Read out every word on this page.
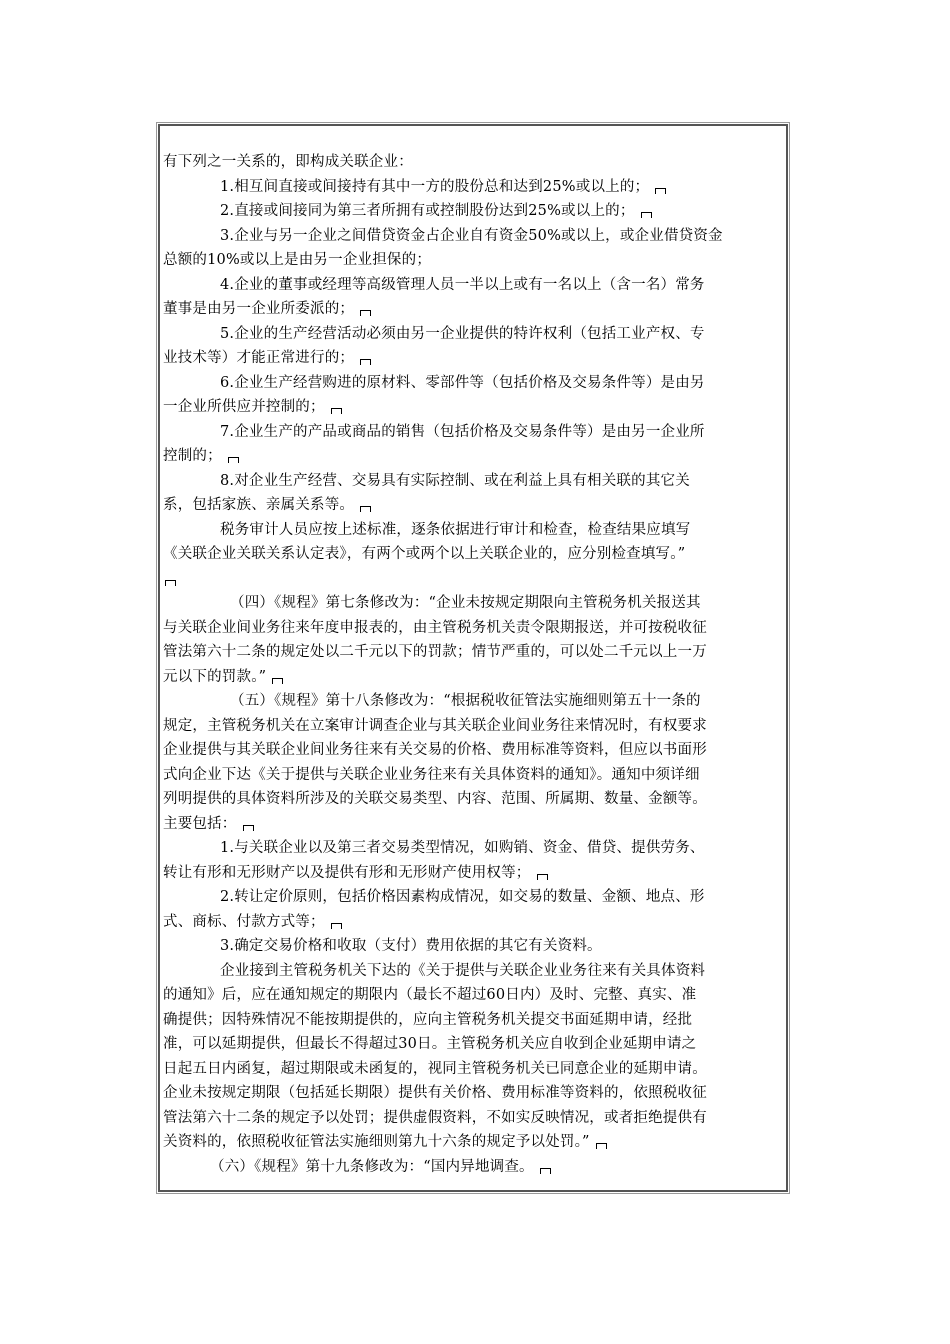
有下列之一关系的，即构成关联企业：
1.相互间直接或间接持有其中一方的股份总和达到25%或以上的；
2.直接或间接同为第三者所拥有或控制股份达到25%或以上的；
3.企业与另一企业之间借贷资金占企业自有资金50%或以上，或企业借贷资金
总额的10%或以上是由另一企业担保的；
4.企业的董事或经理等高级管理人员一半以上或有一名以上（含一名）常务
董事是由另一企业所委派的；
5.企业的生产经营活动必须由另一企业提供的特许权利（包括工业产权、专
业技术等）才能正常进行的；
6.企业生产经营购进的原材料、零部件等（包括价格及交易条件等）是由另
一企业所供应并控制的；
7.企业生产的产品或商品的销售（包括价格及交易条件等）是由另一企业所
控制的；
8.对企业生产经营、交易具有实际控制、或在利益上具有相关联的其它关
系，包括家族、亲属关系等。
税务审计人员应按上述标准，逐条依据进行审计和检查，检查结果应填写
《关联企业关联关系认定表》，有两个或两个以上关联企业的，应分别检查填写。”
（四）《规程》第七条修改为：“企业未按规定期限向主管税务机关报送其
与关联企业间业务往来年度申报表的，由主管税务机关责令限期报送，并可按税收征
管法第六十二条的规定处以二千元以下的罚款；情节严重的，可以处二千元以上一万
元以下的罚款。”
（五）《规程》第十八条修改为：“根据税收征管法实施细则第五十一条的
规定，主管税务机关在立案审计调查企业与其关联企业间业务往来情况时，有权要求
企业提供与其关联企业间业务往来有关交易的价格、费用标准等资料，但应以书面形
式向企业下达《关于提供与关联企业业务往来有关具体资料的通知》。通知中须详细
列明提供的具体资料所涉及的关联交易类型、内容、范围、所属期、数量、金额等。
主要包括：
1.与关联企业以及第三者交易类型情况，如购销、资金、借贷、提供劳务、
转让有形和无形财产以及提供有形和无形财产使用权等；
2.转让定价原则，包括价格因素构成情况，如交易的数量、金额、地点、形
式、商标、付款方式等；
3.确定交易价格和收取（支付）费用依据的其它有关资料。
企业接到主管税务机关下达的《关于提供与关联企业业务往来有关具体资料
的通知》后，应在通知规定的期限内（最长不超过60日内）及时、完整、真实、准
确提供；因特殊情况不能按期提供的，应向主管税务机关提交书面延期申请，经批
准，可以延期提供，但最长不得超过30日。主管税务机关应自收到企业延期申请之
日起五日内函复，超过期限或未函复的，视同主管税务机关已同意企业的延期申请。
企业未按规定期限（包括延长期限）提供有关价格、费用标准等资料的，依照税收征
管法第六十二条的规定予以处罚；提供虚假资料，不如实反映情况，或者拒绝提供有
关资料的，依照税收征管法实施细则第九十六条的规定予以处罚。”
（六）《规程》第十九条修改为：“国内异地调查。
